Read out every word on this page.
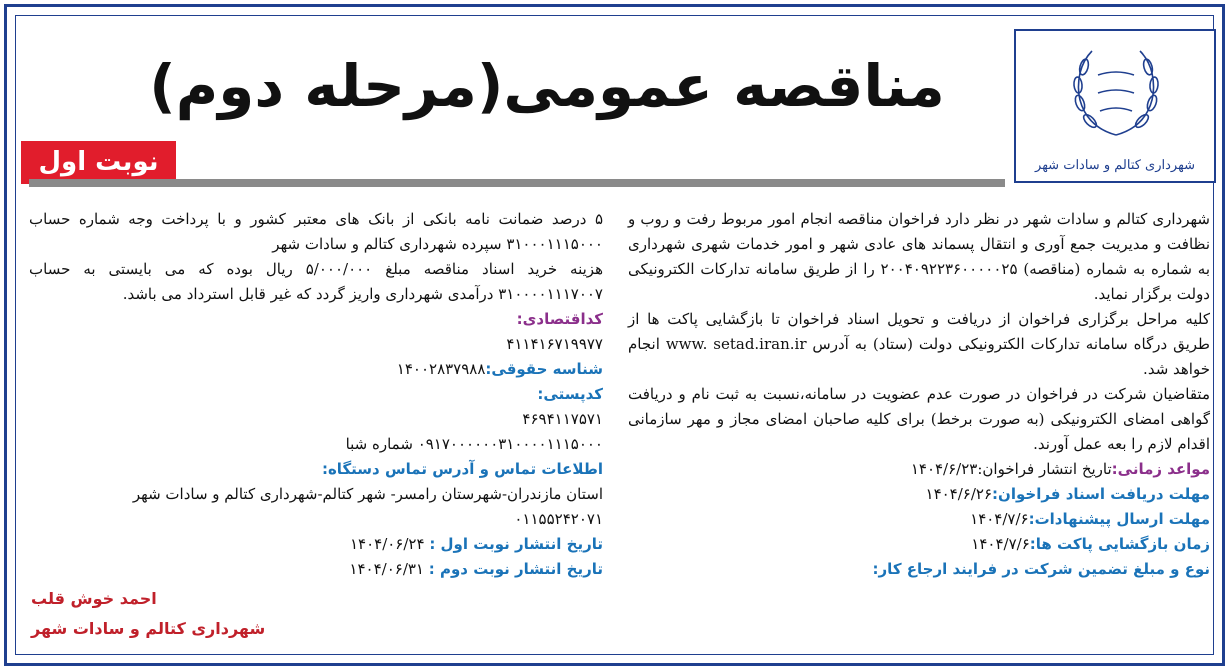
شهرداری کتالم و سادات شهر
مناقصه عمومی(مرحله دوم)
نوبت اول

شهرداری کتالم و سادات شهر در نظر دارد فراخوان مناقصه انجام امور مربوط رفت و روب و نظافت و مدیریت جمع آوری و انتقال پسماند های عادی شهر و امور خدمات شهری شهرداری به شماره به شماره (مناقصه) ۲۰۰۴۰۹۲۲۳۶۰۰۰۰۰۲۵ را از طریق سامانه تدارکات الکترونیکی دولت برگزار نماید.

کلیه مراحل برگزاری فراخوان از دریافت و تحویل اسناد فراخوان تا بازگشایی پاکت ها از طریق درگاه سامانه تدارکات الکترونیکی دولت (ستاد) به آدرس www. setad.iran.ir انجام خواهد شد.

متقاضیان شرکت در فراخوان در صورت عدم عضویت در سامانه،نسبت به ثبت نام و دریافت گواهی امضای الکترونیکی (به صورت برخط) برای کلیه صاحبان امضای مجاز و مهر سازمانی اقدام لازم را بعه عمل آورند.

مواعد زمانی:تاریخ انتشار فراخوان:۱۴۰۴/۶/۲۳

مهلت دریافت اسناد فراخوان:۱۴۰۴/۶/۲۶

مهلت ارسال پیشنهادات:۱۴۰۴/۷/۶

زمان بازگشایی پاکت ها:۱۴۰۴/۷/۶

نوع و مبلغ تضمین شرکت در فرایند ارجاع کار:

۵ درصد ضمانت نامه بانکی از بانک های معتبر کشور و با پرداخت وجه شماره حساب ۳۱۰۰۰۱۱۱۵۰۰۰ سپرده شهرداری کتالم و سادات شهر

هزینه خرید اسناد مناقصه مبلغ ۵/۰۰۰/۰۰۰ ریال بوده که می بایستی به حساب ۳۱۰۰۰۰۱۱۱۷۰۰۷ درآمدی شهرداری واریز گردد که غیر قابل استرداد می باشد.

کداقتصادی:

۴۱۱۴۱۶۷۱۹۹۷۷

شناسه حقوقی:۱۴۰۰۲۸۳۷۹۸۸

کدپستی:

۴۶۹۴۱۱۷۵۷۱

۰۹۱۷۰۰۰۰۰۰۳۱۰۰۰۰۱۱۱۵۰۰۰ شماره شبا

اطلاعات تماس و آدرس تماس دستگاه:

استان مازندران-شهرستان رامسر- شهر کتالم-شهرداری کتالم و سادات شهر

۰۱۱۵۵۲۴۲۰۷۱

تاریخ انتشار نوبت اول : ۱۴۰۴/۰۶/۲۴

تاریخ انتشار نوبت دوم : ۱۴۰۴/۰۶/۳۱

احمد خوش قلب
شهرداری کتالم و سادات شهر
